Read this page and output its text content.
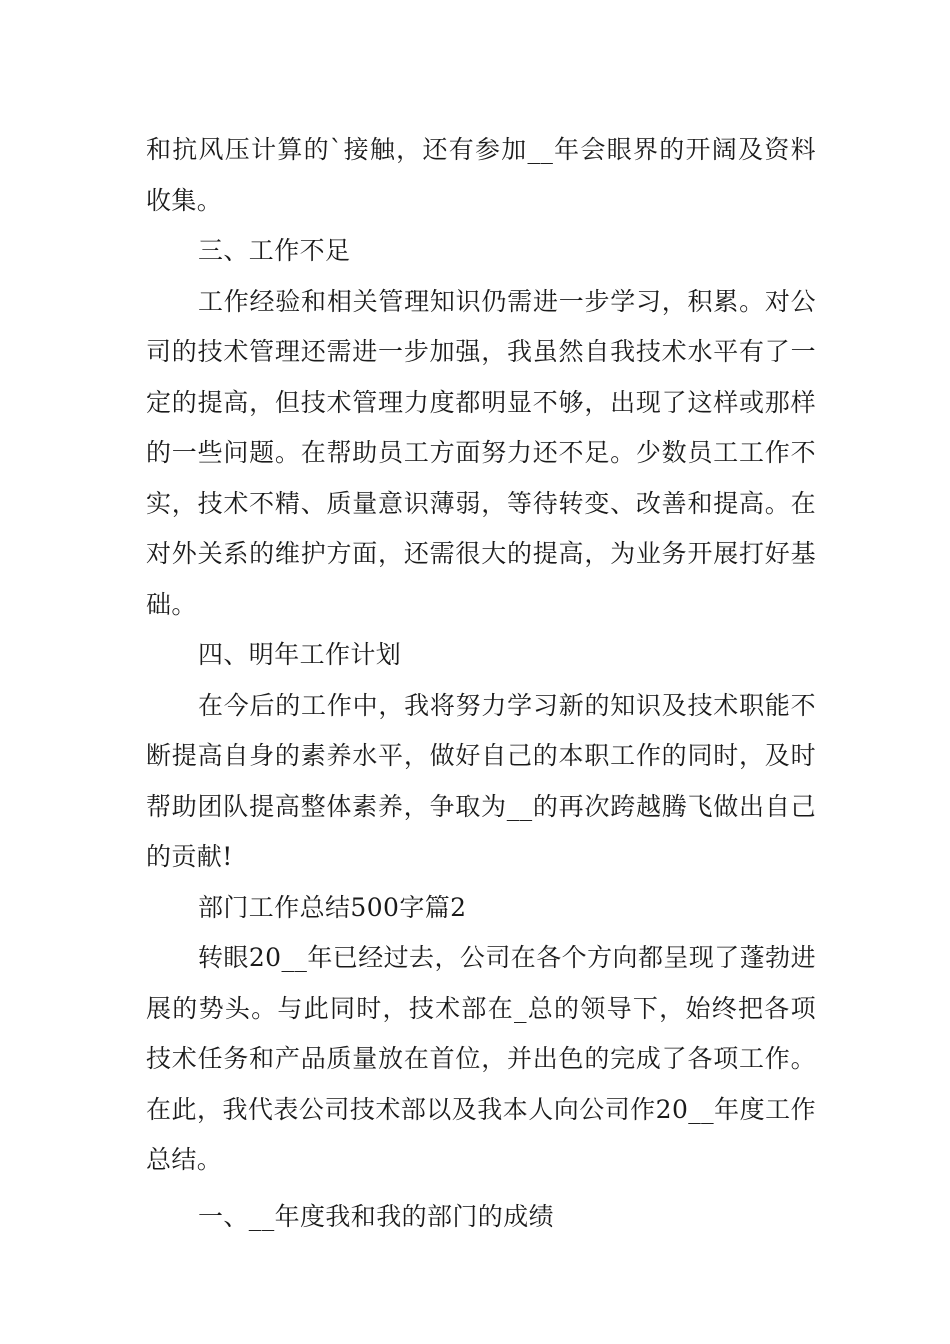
和抗风压计算的`接触，还有参加__年会眼界的开阔及资料收集。

三、工作不足

工作经验和相关管理知识仍需进一步学习，积累。对公司的技术管理还需进一步加强，我虽然自我技术水平有了一定的提高，但技术管理力度都明显不够，出现了这样或那样的一些问题。在帮助员工方面努力还不足。少数员工工作不实，技术不精、质量意识薄弱，等待转变、改善和提高。在对外关系的维护方面，还需很大的提高，为业务开展打好基础。

四、明年工作计划

在今后的工作中，我将努力学习新的知识及技术职能不断提高自身的素养水平，做好自己的本职工作的同时，及时帮助团队提高整体素养，争取为__的再次跨越腾飞做出自己的贡献!

部门工作总结500字篇2

转眼20__年已经过去，公司在各个方向都呈现了蓬勃进展的势头。与此同时，技术部在_总的领导下，始终把各项技术任务和产品质量放在首位，并出色的完成了各项工作。在此，我代表公司技术部以及我本人向公司作20__年度工作总结。

一、__年度我和我的部门的成绩
